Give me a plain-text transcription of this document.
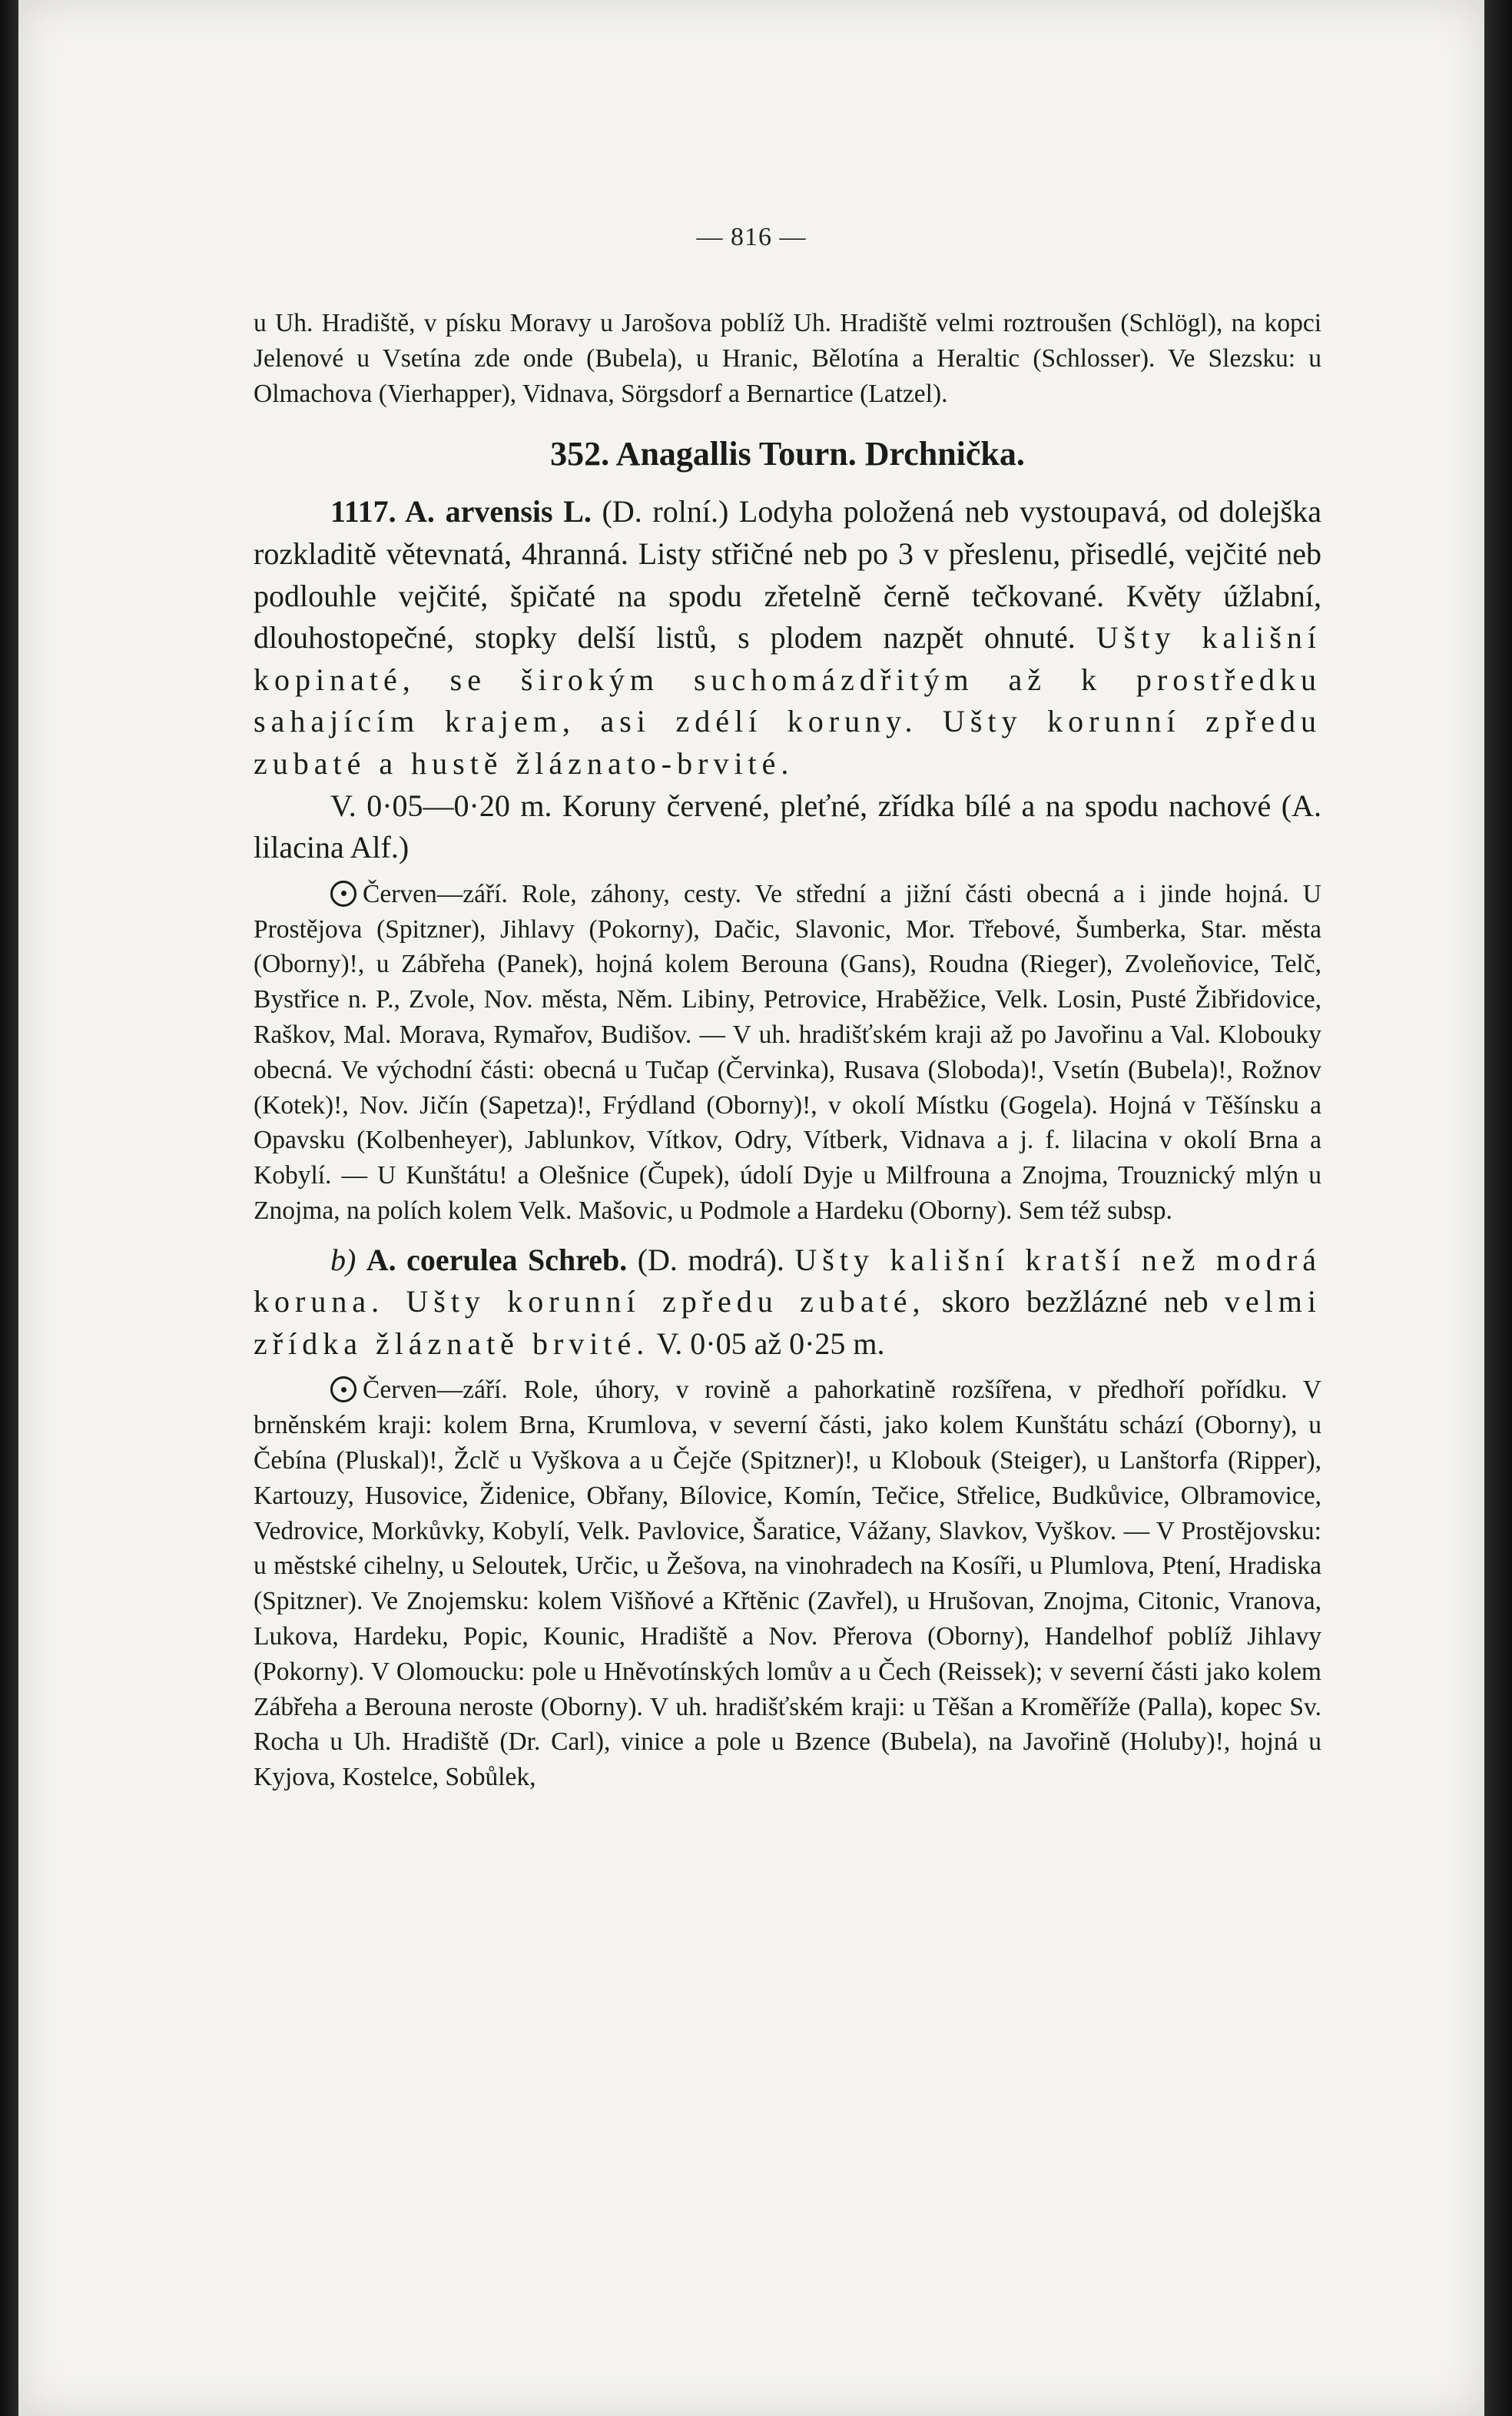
— 816 —

u Uh. Hradiště, v písku Moravy u Jarošova poblíž Uh. Hradiště velmi roztroušen (Schlögl), na kopci Jelenové u Vsetína zde onde (Bubela), u Hranic, Bělotína a Heraltic (Schlosser). Ve Slezsku: u Olmachova (Vierhapper), Vidnava, Sörgsdorf a Bernartice (Latzel).

352. Anagallis Tourn. Drchnička.

1117. A. arvensis L. (D. rolní.) Lodyha položená neb vystoupavá, od dolejška rozkladitě větevnatá, 4hranná. Listy střičné neb po 3 v přeslenu, přisedlé, vejčité neb podlouhle vejčité, špičaté na spodu zřetelně černě tečkované. Květy úžlabní, dlouhostopečné, stopky delší listů, s plodem nazpět ohnuté. Ušty kališní kopinaté, se širokým suchomázdřitým až k prostředku sahajícím krajem, asi zdélí koruny. Ušty korunní zpředu zubaté a hustě žláznato-brvité.

V. 0·05—0·20 m. Koruny červené, pleťné, zřídka bílé a na spodu nachové (A. lilacina Alf.)

Červen—září. Role, záhony, cesty. Ve střední a jižní části obecná a i jinde hojná. U Prostějova (Spitzner), Jihlavy (Pokorny), Dačic, Slavonic, Mor. Třebové, Šumberka, Star. města (Oborny)!, u Zábřeha (Panek), hojná kolem Berouna (Gans), Roudna (Rieger), Zvoleňovice, Telč, Bystřice n. P., Zvole, Nov. města, Něm. Libiny, Petrovice, Hraběžice, Velk. Losin, Pusté Žibřidovice, Raškov, Mal. Morava, Rymařov, Budišov. — V uh. hradišťském kraji až po Javořinu a Val. Klobouky obecná. Ve východní části: obecná u Tučap (Červinka), Rusava (Slobodа)!, Vsetín (Bubela)!, Rožnov (Kotek)!, Nov. Jičín (Sapetza)!, Frýdland (Oborny)!, v okolí Místku (Gogela). Hojná v Těšínsku a Opavsku (Kolbenheyer), Jablunkov, Vítkov, Odry, Vítberk, Vidnava a j. f. lilacina v okolí Brna a Kobylí. — U Kunštátu! a Olešnice (Čupek), údolí Dyje u Milfrouna a Znojma, Trouznický mlýn u Znojma, na polích kolem Velk. Mašovic, u Podmole a Hardeku (Oborny). Sem též subsp.

b) A. coerulea Schreb. (D. modrá). Ušty kališní kratší než modrá koruna. Ušty korunní zpředu zubaté, skoro bezžlázné neb velmi zřídka žláznatě brvité. V. 0·05 až 0·25 m.

Červen—září. Role, úhory, v rovině a pahorkatině rozšířena, v předhoří pořídku. V brněnském kraji: kolem Brna, Krumlova, v severní části, jako kolem Kunštátu schází (Oborny), u Čebína (Pluskal)!, Žclč u Vyškova a u Čejče (Spitzner)!, u Klobouk (Steiger), u Lanštorfa (Ripper), Kartouzy, Husovice, Židenice, Obřany, Bílovice, Komín, Tečice, Střelice, Budkůvice, Olbramovice, Vedrovice, Morkůvky, Kobylí, Velk. Pavlovice, Šaratice, Vážany, Slavkov, Vyškov. — V Prostějovsku: u městské cihelny, u Seloutek, Určic, u Žešova, na vinohradech na Kosíři, u Plumlova, Ptení, Hradiska (Spitzner). Ve Znojemsku: kolem Višňové a Křtěnic (Zavřel), u Hrušovan, Znojma, Citonic, Vranova, Lukova, Hardeku, Popic, Kounic, Hradiště a Nov. Přerova (Oborny), Handelhof poblíž Jihlavy (Pokorny). V Olomoucku: pole u Hněvotínských lomův a u Čech (Reissek); v severní části jako kolem Zábřeha a Berouna neroste (Oborny). V uh. hradišťském kraji: u Těšan a Kroměříže (Palla), kopec Sv. Rocha u Uh. Hradiště (Dr. Carl), vinice a pole u Bzence (Bubela), na Javořině (Holuby)!, hojná u Kyjova, Kostelce, Sobůlek,
